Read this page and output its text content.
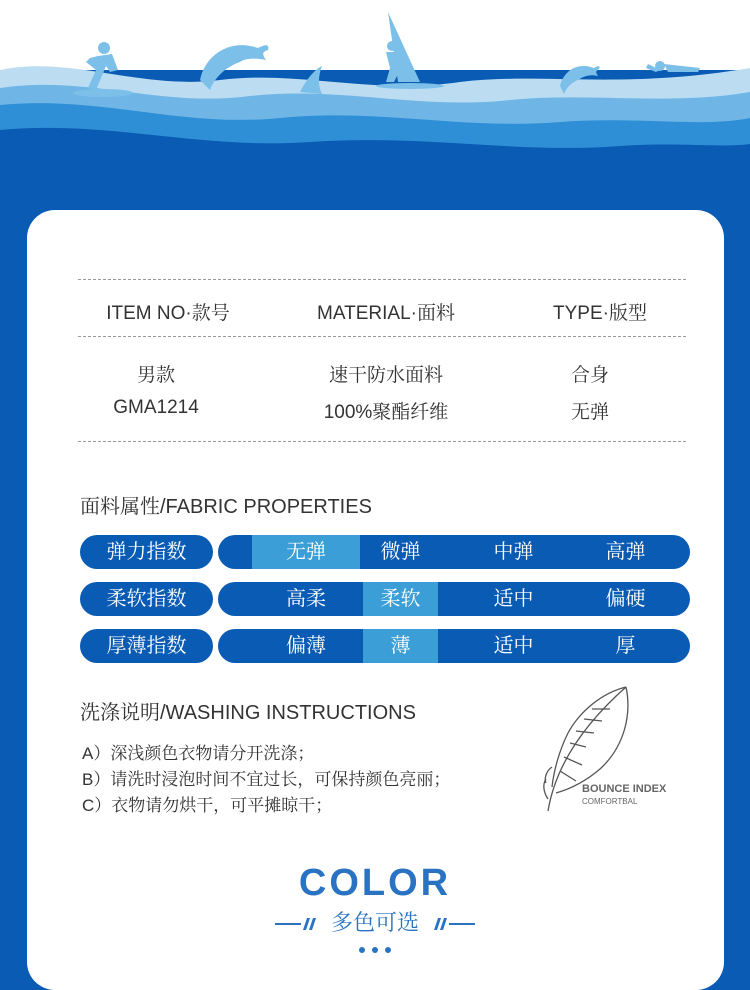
ITEM NO·款号	MATERIAL·面料	TYPE·版型
男款	速干防水面料	合身
GMA1214	100%聚酯纤维	无弹
面料属性/FABRIC PROPERTIES
弹力指数	无弹	微弹	中弹	高弹
柔软指数	高柔	柔软	适中	偏硬
厚薄指数	偏薄	薄	适中	厚
洗涤说明/WASHING INSTRUCTIONS
A）深浅颜色衣物请分开洗涤；
B）请洗时浸泡时间不宜过长，可保持颜色亮丽；
C）衣物请勿烘干，可平摊晾干；
BOUNCE INDEX
COMFORTBAL
COLOR
多色可选
